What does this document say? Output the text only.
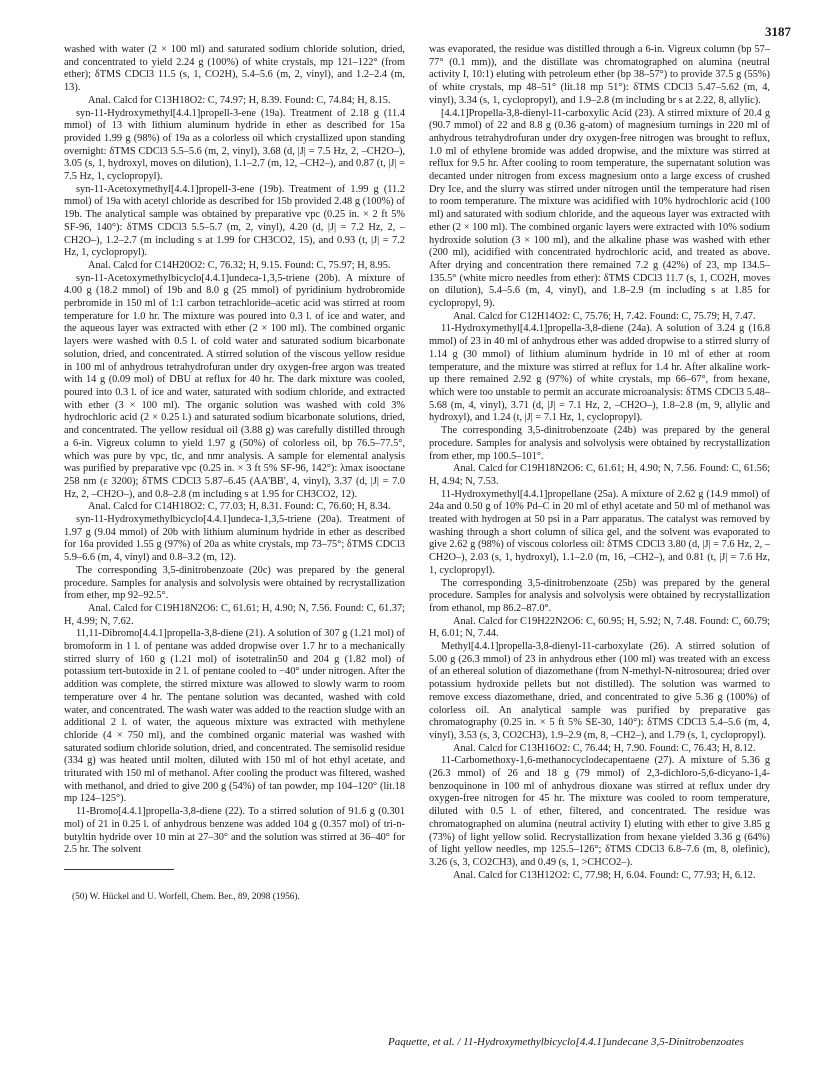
3187

washed with water (2 × 100 ml) and saturated sodium chloride solution, dried, and concentrated to yield 2.24 g (100%) of white crystals, mp 121–122° (from ether); δTMS CDCl3 11.5 (s, 1, CO2H), 5.4–5.6 (m, 2, vinyl), and 1.2–2.4 (m, 13).

Anal. Calcd for C13H18O2: C, 74.97; H, 8.39. Found: C, 74.84; H, 8.15.

syn-11-Hydroxymethyl[4.4.1]propell-3-ene (19a). Treatment of 2.18 g (11.4 mmol) of 13 with lithium aluminum hydride in ether as described for 15a provided 1.99 g (98%) of 19a as a colorless oil which crystallized upon standing overnight: δTMS CDCl3 5.5–5.6 (m, 2, vinyl), 3.68 (d, |J| = 7.5 Hz, 2, –CH2O–), 3.05 (s, 1, hydroxyl, moves on dilution), 1.1–2.7 (m, 12, –CH2–), and 0.87 (t, |J| = 7.5 Hz, 1, cyclopropyl).

syn-11-Acetoxymethyl[4.4.1]propell-3-ene (19b). Treatment of 1.99 g (11.2 mmol) of 19a with acetyl chloride as described for 15b provided 2.48 g (100%) of 19b. The analytical sample was obtained by preparative vpc (0.25 in. × 2 ft 5% SF-96, 140°): δTMS CDCl3 5.5–5.7 (m, 2, vinyl), 4.20 (d, |J| = 7.2 Hz, 2, –CH2O–), 1.2–2.7 (m including s at 1.99 for CH3CO2, 15), and 0.93 (t, |J| = 7.2 Hz, 1, cyclopropyl).

Anal. Calcd for C14H20O2: C, 76.32; H, 9.15. Found: C, 75.97; H, 8.95.

syn-11-Acetoxymethylbicyclo[4.4.1]undeca-1,3,5-triene (20b). A mixture of 4.00 g (18.2 mmol) of 19b and 8.0 g (25 mmol) of pyridinium hydrobromide perbromide in 150 ml of 1:1 carbon tetrachloride–acetic acid was stirred at room temperature for 1.0 hr. The mixture was poured into 0.3 l. of ice and water, and the aqueous layer was extracted with ether (2 × 100 ml). The combined organic layers were washed with 0.5 l. of cold water and saturated sodium bicarbonate solution, dried, and concentrated. A stirred solution of the viscous yellow residue in 100 ml of anhydrous tetrahydrofuran under dry oxygen-free argon was treated with 14 g (0.09 mol) of DBU at reflux for 40 hr. The dark mixture was cooled, poured into 0.3 l. of ice and water, saturated with sodium chloride, and extracted with ether (3 × 100 ml). The organic solution was washed with cold 3% hydrochloric acid (2 × 0.25 l.) and saturated sodium bicarbonate solutions, dried, and concentrated. The yellow residual oil (3.88 g) was carefully distilled through a 6-in. Vigreux column to yield 1.97 g (50%) of colorless oil, bp 76.5–77.5°, which was pure by vpc, tlc, and nmr analysis. A sample for elemental analysis was purified by preparative vpc (0.25 in. × 3 ft 5% SF-96, 142°): λmax isooctane 258 nm (ε 3200); δTMS CDCl3 5.87–6.45 (AA'BB', 4, vinyl), 3.37 (d, |J| = 7.0 Hz, 2, –CH2O–), and 0.8–2.8 (m including s at 1.95 for CH3CO2, 12).

Anal. Calcd for C14H18O2: C, 77.03; H, 8.31. Found: C, 76.60; H, 8.34.

syn-11-Hydroxymethylbicyclo[4.4.1]undeca-1,3,5-triene (20a). Treatment of 1.97 g (9.04 mmol) of 20b with lithium aluminum hydride in ether as described for 16a provided 1.55 g (97%) of 20a as white crystals, mp 73–75°; δTMS CDCl3 5.9–6.6 (m, 4, vinyl) and 0.8–3.2 (m, 12).

The corresponding 3,5-dinitrobenzoate (20c) was prepared by the general procedure. Samples for analysis and solvolysis were obtained by recrystallization from ether, mp 92–92.5°.

Anal. Calcd for C19H18N2O6: C, 61.61; H, 4.90; N, 7.56. Found: C, 61.37; H, 4.99; N, 7.62.

11,11-Dibromo[4.4.1]propella-3,8-diene (21). A solution of 307 g (1.21 mol) of bromoform in 1 l. of pentane was added dropwise over 1.7 hr to a mechanically stirred slurry of 160 g (1.21 mol) of isotetralin50 and 204 g (1.82 mol) of potassium tert-butoxide in 2 l. of pentane cooled to −40° under nitrogen. After the addition was complete, the stirred mixture was allowed to slowly warm to room temperature over 4 hr. The pentane solution was decanted, washed with cold water, and concentrated. The wash water was added to the reaction sludge with an additional 2 l. of water, the aqueous mixture was extracted with methylene chloride (4 × 750 ml), and the combined organic material was washed with saturated sodium chloride solution, dried, and concentrated. The semisolid residue (334 g) was heated until molten, diluted with 150 ml of hot ethyl acetate, and triturated with 150 ml of methanol. After cooling the product was filtered, washed with methanol, and dried to give 200 g (54%) of tan powder, mp 104–120° (lit.18 mp 124–125°).

11-Bromo[4.4.1]propella-3,8-diene (22). To a stirred solution of 91.6 g (0.301 mol) of 21 in 0.25 l. of anhydrous benzene was added 104 g (0.357 mol) of tri-n-butyltin hydride over 10 min at 27–30° and the solution was stirred at 36–40° for 2.5 hr. The solvent

(50) W. Hückel and U. Worfell, Chem. Ber., 89, 2098 (1956).

was evaporated, the residue was distilled through a 6-in. Vigreux column (bp 57–77° (0.1 mm)), and the distillate was chromatographed on alumina (neutral activity I, 10:1) eluting with petroleum ether (bp 38–57°) to provide 37.5 g (55%) of white crystals, mp 48–51° (lit.18 mp 51°): δTMS CDCl3 5.47–5.62 (m, 4, vinyl), 3.34 (s, 1, cyclopropyl), and 1.9–2.8 (m including br s at 2.22, 8, allylic).

[4.4.1]Propella-3,8-dienyl-11-carboxylic Acid (23). A stirred mixture of 20.4 g (90.7 mmol) of 22 and 8.8 g (0.36 g-atom) of magnesium turnings in 220 ml of anhydrous tetrahydrofuran under dry oxygen-free nitrogen was brought to reflux, 1.0 ml of ethylene bromide was added dropwise, and the mixture was stirred at reflux for 9.5 hr. After cooling to room temperature, the supernatant solution was decanted under nitrogen from excess magnesium onto a large excess of crushed Dry Ice, and the slurry was stirred under nitrogen until the temperature had risen to room temperature. The mixture was acidified with 10% hydrochloric acid (100 ml) and saturated with sodium chloride, and the aqueous layer was extracted with ether (2 × 100 ml). The combined organic layers were extracted with 10% sodium hydroxide solution (3 × 100 ml), and the alkaline phase was washed with ether (200 ml), acidified with concentrated hydrochloric acid, and treated as above. After drying and concentration there remained 7.2 g (42%) of 23, mp 134.5–135.5° (white micro needles from ether): δTMS CDCl3 11.7 (s, 1, CO2H, moves on dilution), 5.4–5.6 (m, 4, vinyl), and 1.8–2.9 (m including s at 1.85 for cyclopropyl, 9).

Anal. Calcd for C12H14O2: C, 75.76; H, 7.42. Found: C, 75.79; H, 7.47.

11-Hydroxymethyl[4.4.1]propella-3,8-diene (24a). A solution of 3.24 g (16.8 mmol) of 23 in 40 ml of anhydrous ether was added dropwise to a stirred slurry of 1.14 g (30 mmol) of lithium aluminum hydride in 10 ml of ether at room temperature, and the mixture was stirred at reflux for 1.4 hr. After alkaline work-up there remained 2.92 g (97%) of white crystals, mp 66–67°, from hexane, which were too unstable to permit an accurate microanalysis: δTMS CDCl3 5.48–5.68 (m, 4, vinyl), 3.71 (d, |J| = 7.1 Hz, 2, –CH2O–), 1.8–2.8 (m, 9, allylic and hydroxyl), and 1.24 (t, |J| = 7.1 Hz, 1, cyclopropyl).

The corresponding 3,5-dinitrobenzoate (24b) was prepared by the general procedure. Samples for analysis and solvolysis were obtained by recrystallization from ether, mp 100.5–101°.

Anal. Calcd for C19H18N2O6: C, 61.61; H, 4.90; N, 7.56. Found: C, 61.56; H, 4.94; N, 7.53.

11-Hydroxymethyl[4.4.1]propellane (25a). A mixture of 2.62 g (14.9 mmol) of 24a and 0.50 g of 10% Pd–C in 20 ml of ethyl acetate and 50 ml of methanol was treated with hydrogen at 50 psi in a Parr apparatus. The catalyst was removed by washing through a short column of silica gel, and the solvent was evaporated to give 2.62 g (98%) of viscous colorless oil: δTMS CDCl3 3.80 (d, |J| = 7.6 Hz, 2, –CH2O–), 2.03 (s, 1, hydroxyl), 1.1–2.0 (m, 16, –CH2–), and 0.81 (t, |J| = 7.6 Hz, 1, cyclopropyl).

The corresponding 3,5-dinitrobenzoate (25b) was prepared by the general procedure. Samples for analysis and solvolysis were obtained by recrystallization from ethanol, mp 86.2–87.0°.

Anal. Calcd for C19H22N2O6: C, 60.95; H, 5.92; N, 7.48. Found: C, 60.79; H, 6.01; N, 7.44.

Methyl[4.4.1]propella-3,8-dienyl-11-carboxylate (26). A stirred solution of 5.00 g (26.3 mmol) of 23 in anhydrous ether (100 ml) was treated with an excess of an ethereal solution of diazomethane (from N-methyl-N-nitrosourea; dried over potassium hydroxide pellets but not distilled). The solution was warmed to remove excess diazomethane, dried, and concentrated to give 5.36 g (100%) of colorless oil. An analytical sample was purified by preparative gas chromatography (0.25 in. × 5 ft 5% SE-30, 140°): δTMS CDCl3 5.4–5.6 (m, 4, vinyl), 3.53 (s, 3, CO2CH3), 1.9–2.9 (m, 8, –CH2–), and 1.79 (s, 1, cyclopropyl).

Anal. Calcd for C13H16O2: C, 76.44; H, 7.90. Found: C, 76.43; H, 8.12.

11-Carbomethoxy-1,6-methanocyclodecapentaene (27). A mixture of 5.36 g (26.3 mmol) of 26 and 18 g (79 mmol) of 2,3-dichloro-5,6-dicyano-1,4-benzoquinone in 100 ml of anhydrous dioxane was stirred at reflux under dry oxygen-free nitrogen for 45 hr. The mixture was cooled to room temperature, diluted with 0.5 l. of ether, filtered, and concentrated. The residue was chromatographed on alumina (neutral activity I) eluting with ether to give 3.85 g (73%) of light yellow solid. Recrystallization from hexane yielded 3.36 g (64%) of light yellow needles, mp 125.5–126°; δTMS CDCl3 6.8–7.6 (m, 8, olefinic), 3.26 (s, 3, CO2CH3), and 0.49 (s, 1, >CHCO2–).

Anal. Calcd for C13H12O2: C, 77.98; H, 6.04. Found: C, 77.93; H, 6.12.

Paquette, et al. / 11-Hydroxymethylbicyclo[4.4.1]undecane 3,5-Dinitrobenzoates
